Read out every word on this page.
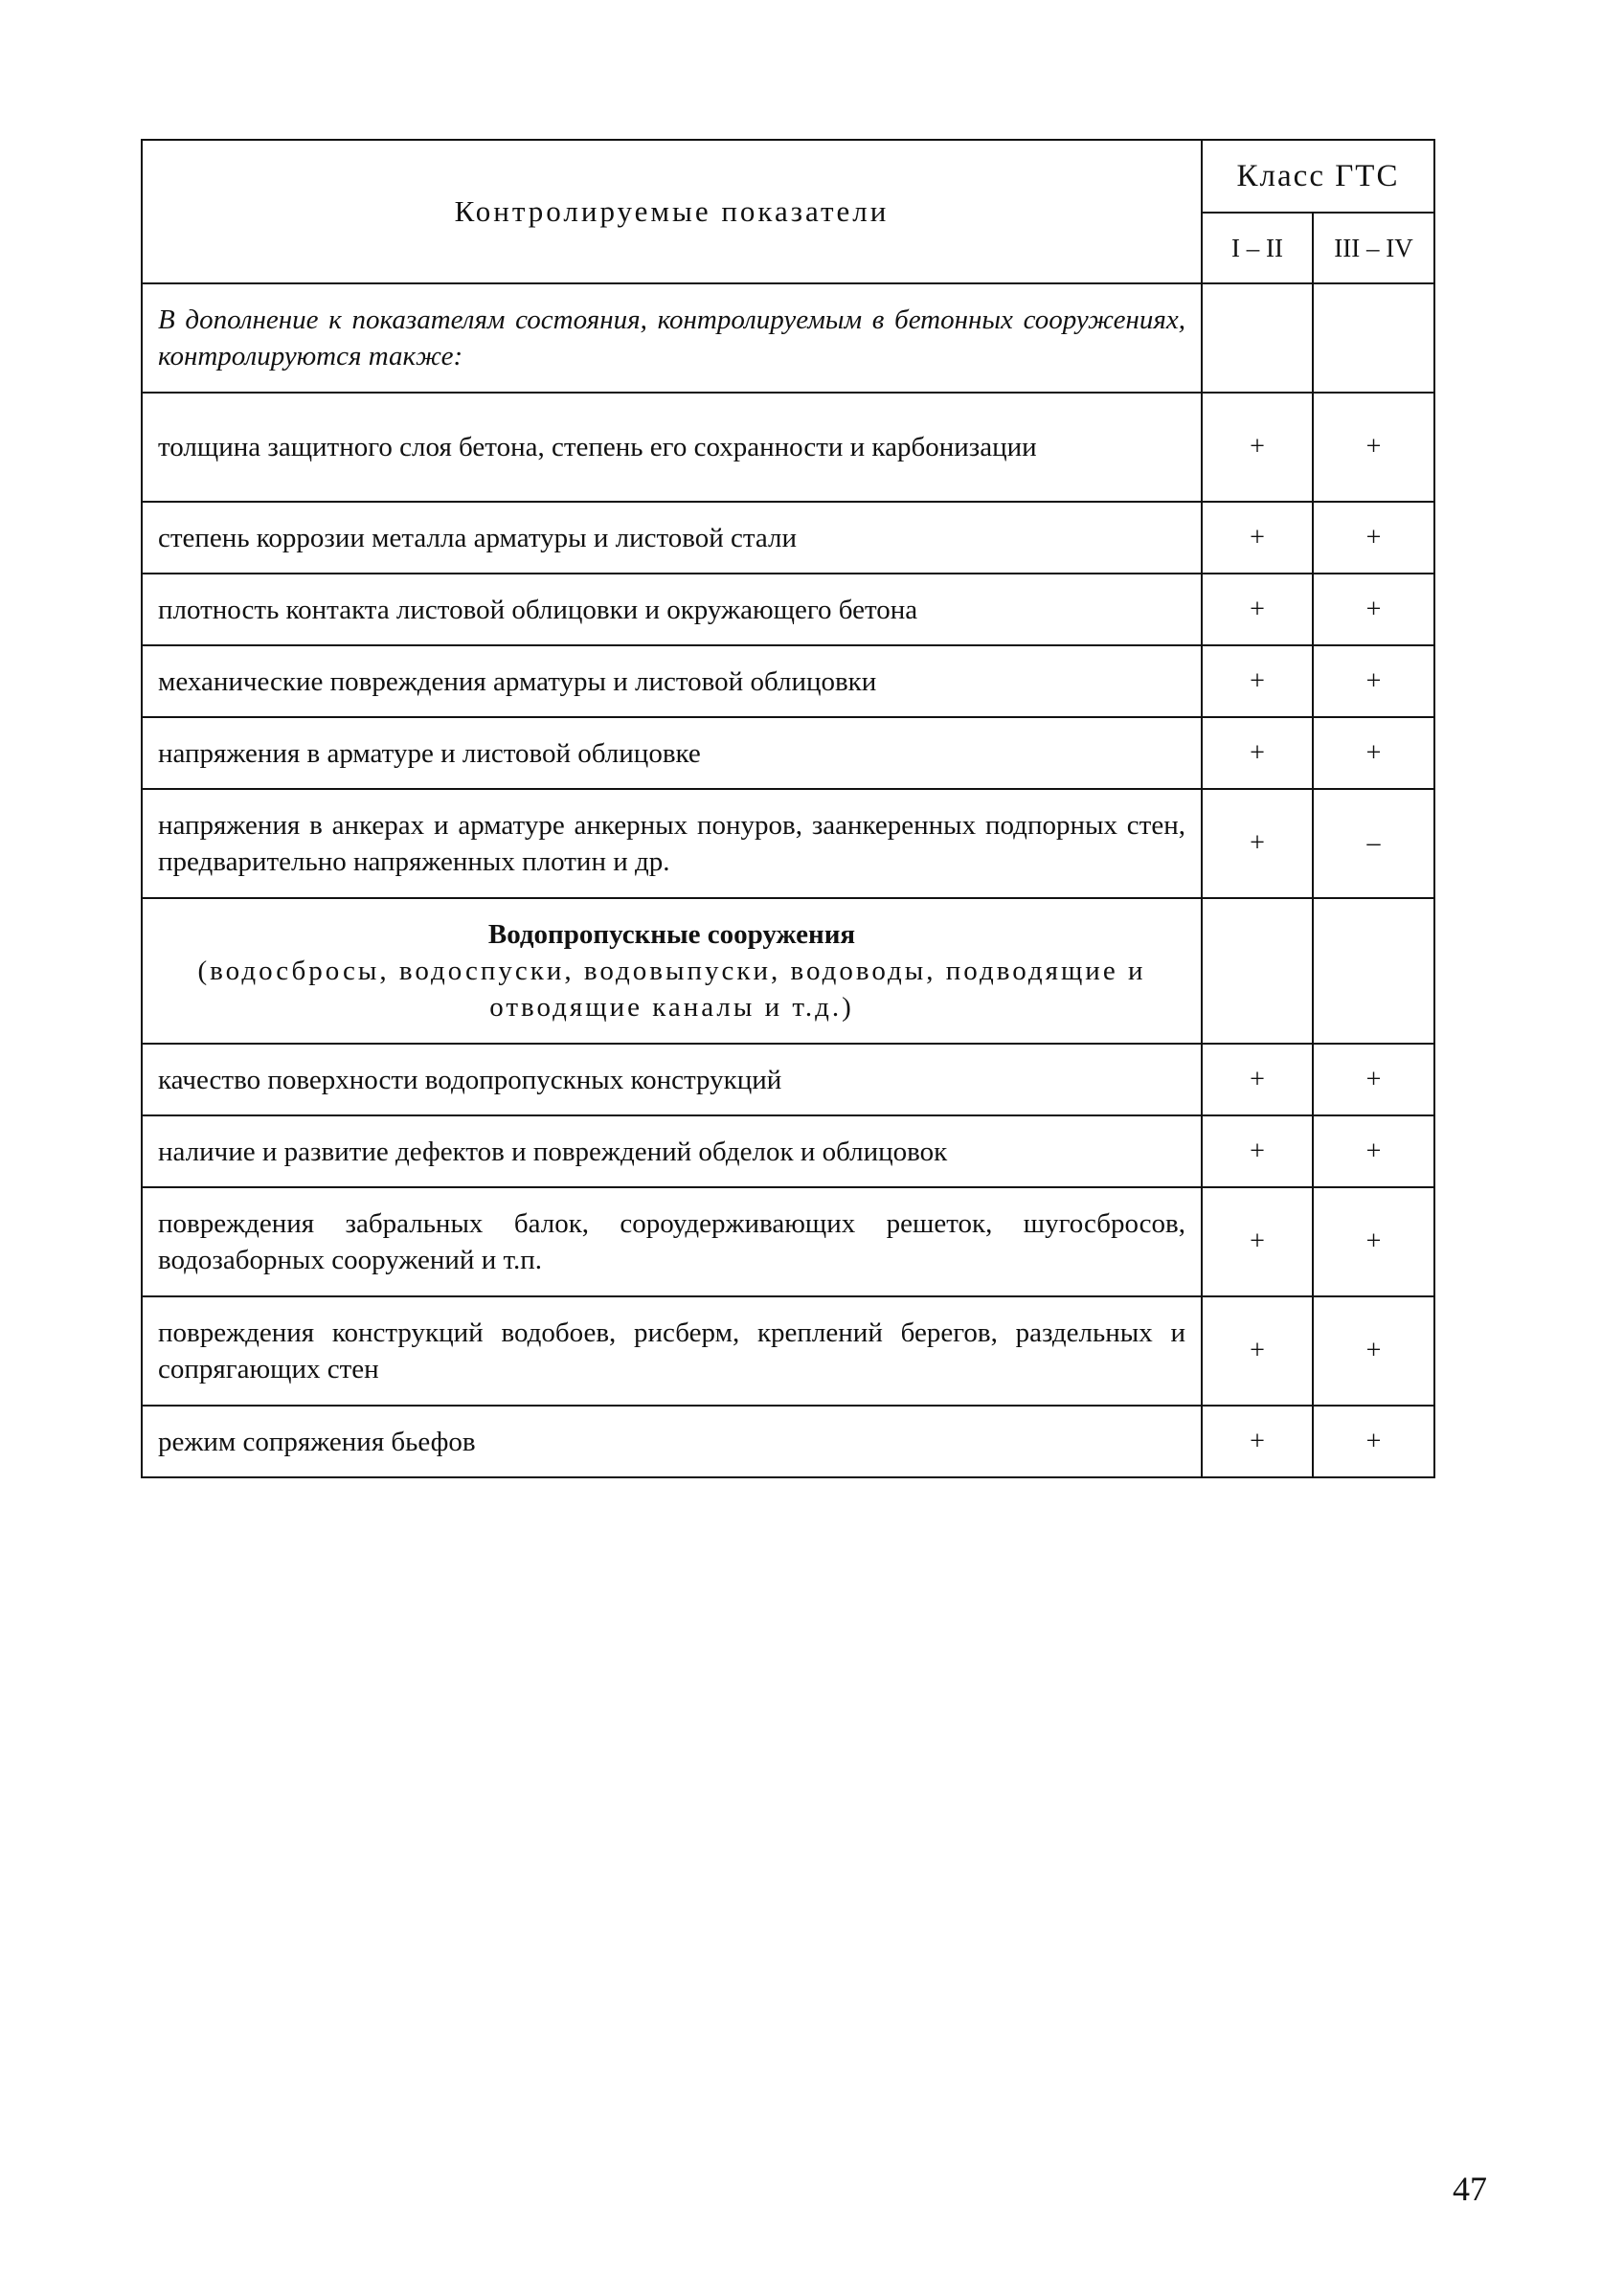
Контролируемые показатели	Класс ГТС	
	I – II	III – IV
В дополнение к показателям состояния, контролируемым в бетонных сооружениях, контролируются также:		
толщина защитного слоя бетона, степень его сохранности и карбонизации	+	+
степень коррозии металла арматуры и листовой стали	+	+
плотность контакта листовой облицовки и окружающего бетона	+	+
механические повреждения арматуры и листовой облицовки	+	+
напряжения в арматуре и листовой облицовке	+	+
напряжения в анкерах и арматуре анкерных понуров, заанкеренных подпорных стен, предварительно напряженных плотин и др.	+	–

Водопропускные сооружения
(водосбросы, водоспуски, водовыпуски, водоводы, подводящие и отводящие каналы и т.д.)		

качество поверхности водопропускных конструкций	+	+
наличие и развитие дефектов и повреждений обделок и облицовок	+	+
повреждения забральных балок, сороудерживающих решеток, шугосбросов, водозаборных сооружений и т.п.	+	+
повреждения конструкций водобоев, рисберм, креплений берегов, раздельных и сопрягающих стен	+	+
режим сопряжения бьефов	+	+
47
